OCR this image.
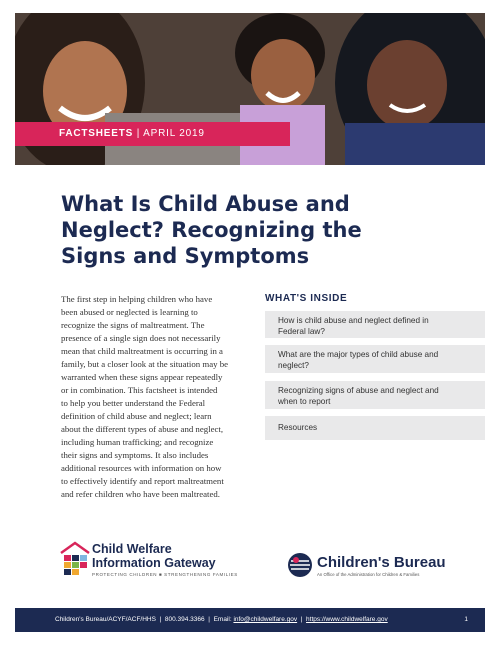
FACTSHEETS | APRIL 2019
What Is Child Abuse and
Neglect? Recognizing the
Signs and Symptoms
The first step in helping children who have
been abused or neglected is learning to
recognize the signs of maltreatment. The
presence of a single sign does not necessarily
mean that child maltreatment is occurring in a
family, but a closer look at the situation may be
warranted when these signs appear repeatedly
or in combination. This factsheet is intended
to help you better understand the Federal
definition of child abuse and neglect; learn
about the different types of abuse and neglect,
including human trafficking; and recognize
their signs and symptoms. It also includes
additional resources with information on how
to effectively identify and report maltreatment
and refer children who have been maltreated.
WHAT'S INSIDE
How is child abuse and neglect defined in
Federal law?
What are the major types of child abuse and
neglect?
Recognizing signs of abuse and neglect and
when to report
Resources
Child Welfare
Information Gateway
PROTECTING CHILDREN ■ STRENGTHENING FAMILIES
Children's Bureau
An Office of the Administration for Children & Families
Children's Bureau/ACYF/ACF/HHS  |  800.394.3366  |  Email: info@childwelfare.gov  |  https://www.childwelfare.gov	1
